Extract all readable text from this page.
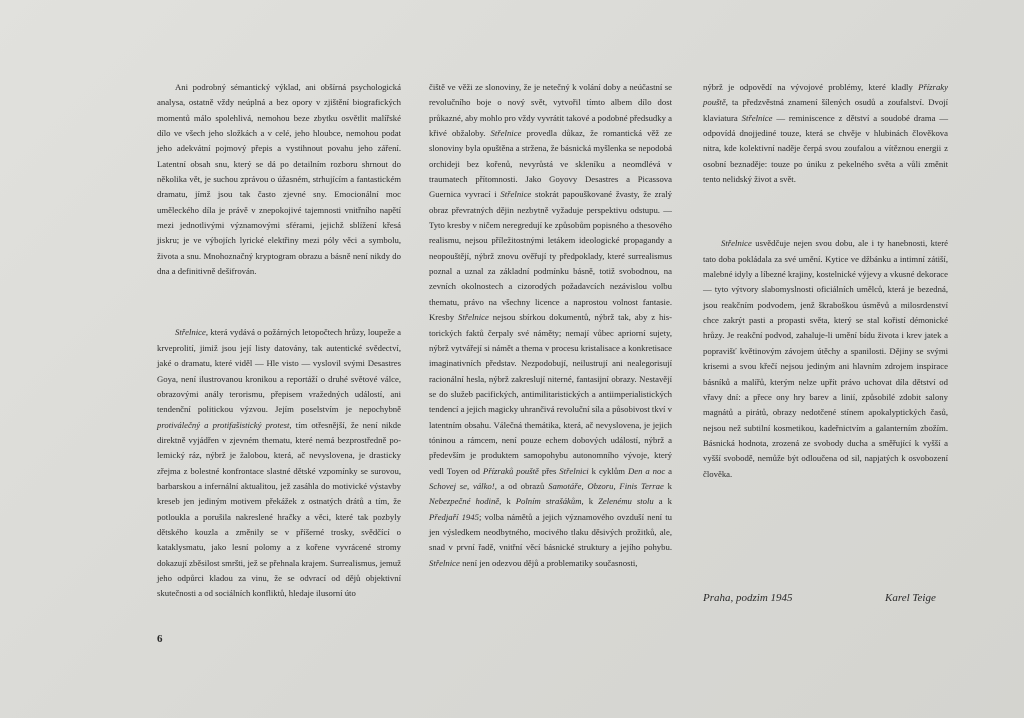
Ani podrobný sémantický výklad, ani obšírná psychologická analysa, ostatně vždy neúplná a bez opory v zjištění biografických momentů málo spolehlivá, nemohou beze zbytku osvětlit malířské dílo ve všech jeho složkách a v celé, jeho hloubce, nemohou podat jeho adekvátní pojmový přepis a vystihnout povahu jeho záření. Latentní obsah snu, který se dá po detailním rozboru shrnout do několika vět, je suchou zprávou o úžasném, strhujícím a fantastickém dramatu, jímž jsou tak často zjevné sny. Emocionální moc uměleckého díla je právě v znepokojivé tajemnosti vnitřního napětí mezi jednotlivými významovými sférami, jejichž sblížení křesá jiskru; je ve výbojích lyrické elektřiny mezi póly věci a symbolu, života a snu. Mnohoznačný kryptogram obrazu a básně není nikdy do dna a definitivně dešifrován.

Střelnice, která vydává o požárných letopočtech hrůzy, loupeže a krveprolití, jimiž jsou její listy datovány, tak autentické svědectví, jaké o dramatu, které viděl — Hle visto — vyslovil svými Desastres Goya, není ilustrovanou kronikou a reportáží o druhé světové válce, obrazovými anály terorismu, přepisem vražedných událostí, ani tendenční politickou výzvou. Jejím poselstvím je nepochybně protiválečný a protifašistický protest, tím otřesnější, že není nikde direktně vyjádřen v zjevném thematu, které nemá bezprostředně polemický ráz, nýbrž je žalobou, která, ač nevyslovena, je drasticky zřejma z bolestné konfrontace slastné dětské vzpomínky se surovou, barbarskou a infernální aktualitou, jež zasáhla do motivické výstavby kreseb jen jediným motivem překážek z ostnatých drátů a tím, že potloukla a porušila nakreslené hračky a věci, které tak pozbyly dětského kouzla a změnily se v příšerné trosky, svědčící o kataklysmatu, jako lesní polomy a z kořene vyvrácené stromy dokazují zběsilost smršti, jež se přehnala krajem. Surrealismus, jemuž jeho odpůrci kladou za vinu, že se odvrací od dějů objektivní skutečnosti a od sociálních konfliktů, hledaje ilusorní úto

čiště ve věži ze slonoviny, že je netečný k volání doby a neúčastní se revolučního boje o nový svět, vytvořil tímto albem dílo dost průkazné, aby mohlo pro vždy vyvrátit takové a podobné předsudky a křivé obžaloby. Střelnice provedla důkaz, že romantická věž ze slonoviny byla opuštěna a stržena, že básnická myšlenka se nepodobá orchideji bez kořenů, nevyrůstá ve skleníku a neomdlévá v traumatech přítomnosti. Jako Goyovy Desastres a Picassova Guernica vyvrací i Střelnice stokrát papouškované žvasty, že zralý obraz převratných dějin nezbytně vyžaduje perspektivu odstupu. — Tyto kresby v ničem neregredují ke způsobům popisného a thesového realismu, nejsou příležitostnými letákem ideologické propagandy a neopouštějí, nýbrž znovu ověřují ty předpoklady, které surrealismus poznal a uznal za základní podmínku básně, totiž svobodnou, na zevních okolnostech a cizorodých požadavcích nezávislou volbu thematu, právo na všechny licence a naprostou volnost fantasie. Kresby Střelnice nejsou sbírkou dokumentů, nýbrž tak, aby z historických faktů čerpaly své náměty; nemají vůbec apriorní sujety, nýbrž vytvářejí si námět a thema v procesu kristalisace a konkretisace imaginativních představ. Nezpodobují, neilustrují ani nealegorisují racionální hesla, nýbrž zakreslují niterné, fantasijní obrazy. Nestavějí se do služeb pacifických, antimilitaristických a antiimperialistických tendencí a jejich magicky uhrančivá revoluční síla a působivost tkví v latentním obsahu. Válečná themátika, která, ač nevyslovena, je jejich tóninou a rámcem, není pouze echem dobových událostí, nýbrž a především je produktem samopohybu autonomního vývoje, který vedl Toyen od Přízraků pouště přes Střelnici k cyklům Den a noc a Schovej se, válko!, a od obrazů Samotáře, Obzoru, Finis Terrae k Nebezpečné hodině, k Polním strašákům, k Zelenému stolu a k Předjaří 1945; volba námětů a jejich významového ovzduší není tu jen výsledkem neodbytného, mocivého tlaku děsivých prožitků, ale, snad v první řadě, vnitřní věcí básnické struktury a jejího pohybu. Střelnice není jen odezvou dějů a problematiky současnosti,

nýbrž je odpovědí na vývojové problémy, které kladly Přízraky pouště, ta předzvěstná znamení šílených osudů a zoufalství. Dvojí klaviatura Střelnice — reminiscence z dětství a soudobé drama — odpovídá dnojjediné touze, která se chvěje v hlubinách člověkova nitra, kde kolektivní naděje čerpá svou zoufalou a vítěznou energii z osobní beznaděje: touze po úniku z pekelného světa a vůli změnit tento nelidský život a svět.

Střelnice usvědčuje nejen svou dobu, ale i ty hanebnosti, které tato doba pokládala za své umění. Kytice ve džbánku a intimní zátiší, malebné idyly a líbezné krajiny, kostelnické výjevy a vkusné dekorace — tyto výtvory slabomyslnosti oficiálních umělců, která je bezedná, jsou reakčním podvodem, jenž škraboškou úsměvů a milosrdenství chce zakrýt pasti a propasti světa, který se stal kořistí démonické hrůzy. Je reakční podvod, zahaluje-li umění bídu života i krev jatek a popravišť květinovým závojem útěchy a spanilosti. Dějiny se svými krisemi a svou křečí nejsou jediným ani hlavním zdrojem inspirace básníků a malířů, kterým nelze upřít právo uchovat díla dětství od vřavy dní: a přece ony hry barev a linií, způsobilé zdobit salony magnátů a pirátů, obrazy nedotčené stínem apokalyptických časů, nejsou než subtilní kosmetikou, kadeřnictvím a galanterním zbožím. Básnická hodnota, zrozená ze svobody ducha a směřující k vyšší a vyšší svobodě, nemůže být odloučena od sil, napjatých k osvobození člověka.

Praha, podzim 1945	Karel Teige
6
